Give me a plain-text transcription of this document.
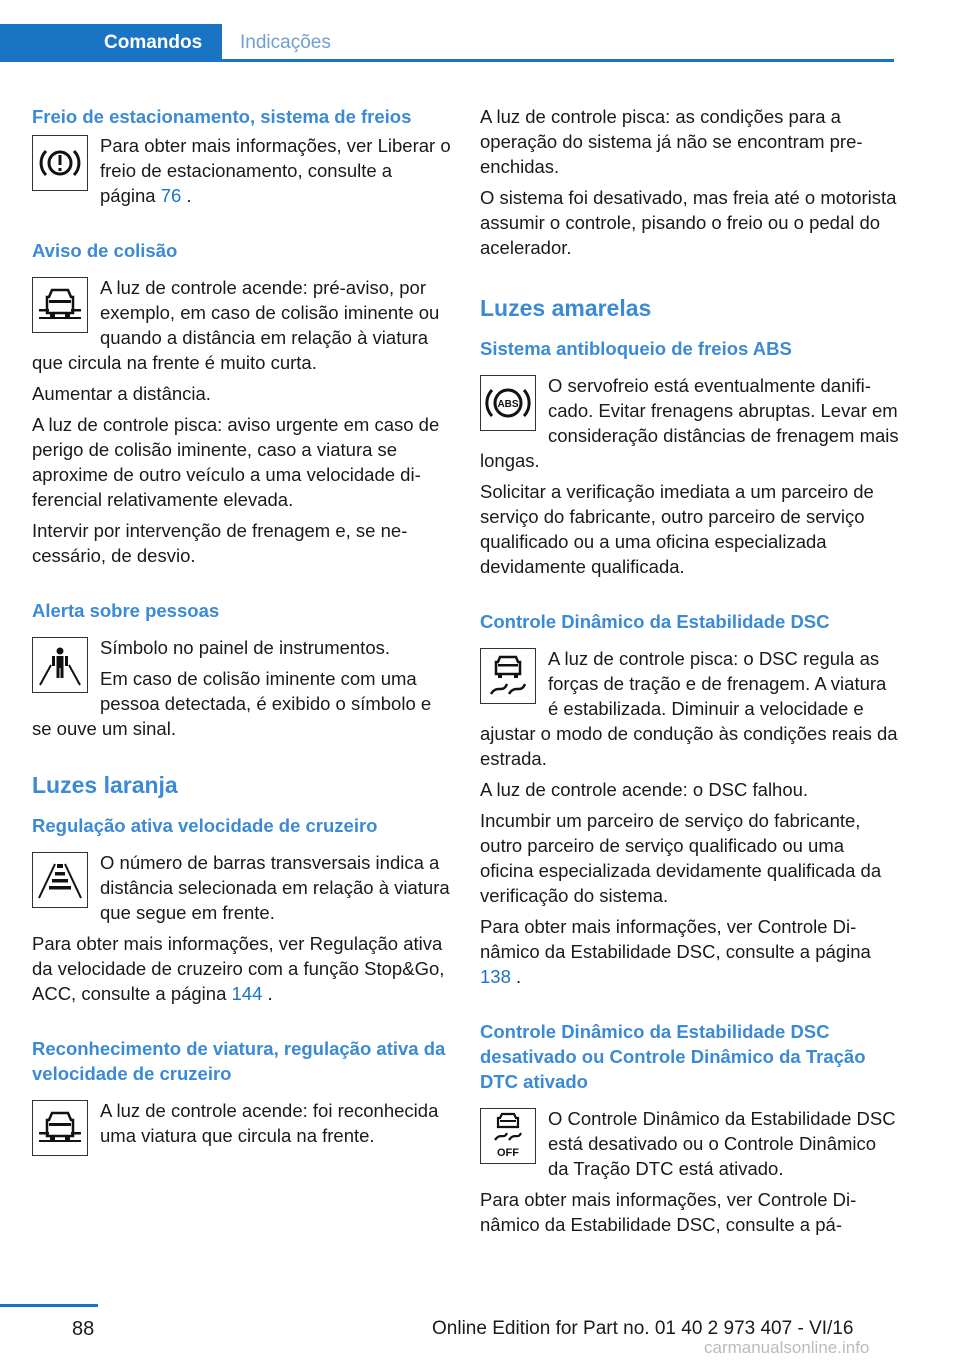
Comandos	Indicações
Freio de estacionamento, sistema de freios

Para obter mais informações, ver Liberar o freio de estacionamento, consulte a página 76 .

Aviso de colisão

A luz de controle acende: pré-aviso, por exemplo, em caso de colisão iminente ou quando a distância em relação à viatura que circula na frente é muito curta.

Aumentar a distância.

A luz de controle pisca: aviso urgente em caso de perigo de colisão iminente, caso a viatura se aproxime de outro veículo a uma velocidade diferencial relativamente elevada.

Intervir por intervenção de frenagem e, se necessário, de desvio.

Alerta sobre pessoas

Símbolo no painel de instrumentos.

Em caso de colisão iminente com uma pessoa detectada, é exibido o símbolo e se ouve um sinal.

Luzes laranja
Regulação ativa velocidade de cruzeiro

O número de barras transversais indica a distância selecionada em relação à viatura que segue em frente.

Para obter mais informações, ver Regulação ativa da velocidade de cruzeiro com a função Stop&Go, ACC, consulte a página 144 .

Reconhecimento de viatura, regulação ativa da velocidade de cruzeiro

A luz de controle acende: foi reconhecida uma viatura que circula na frente.

A luz de controle pisca: as condições para a operação do sistema já não se encontram preenchidas.

O sistema foi desativado, mas freia até o motorista assumir o controle, pisando o freio ou o pedal do acelerador.

Luzes amarelas
Sistema antibloqueio de freios ABS
ABS

O servofreio está eventualmente danificado. Evitar frenagens abruptas. Levar em consideração distâncias de frenagem mais longas.

Solicitar a verificação imediata a um parceiro de serviço do fabricante, outro parceiro de serviço qualificado ou a uma oficina especializada devidamente qualificada.

Controle Dinâmico da Estabilidade DSC

A luz de controle pisca: o DSC regula as forças de tração e de frenagem. A viatura é estabilizada. Diminuir a velocidade e ajustar o modo de condução às condições reais da estrada.

A luz de controle acende: o DSC falhou.

Incumbir um parceiro de serviço do fabricante, outro parceiro de serviço qualificado ou uma oficina especializada devidamente qualificada da verificação do sistema.

Para obter mais informações, ver Controle Dinâmico da Estabilidade DSC, consulte a página 138 .

Controle Dinâmico da Estabilidade DSC desativado ou Controle Dinâmico da Tração DTC ativado
OFF

O Controle Dinâmico da Estabilidade DSC está desativado ou o Controle Dinâmico da Tração DTC está ativado.

Para obter mais informações, ver Controle Dinâmico da Estabilidade DSC, consulte a pá-

88	Online Edition for Part no. 01 40 2 973 407 - VI/16
carmanualsonline.info
